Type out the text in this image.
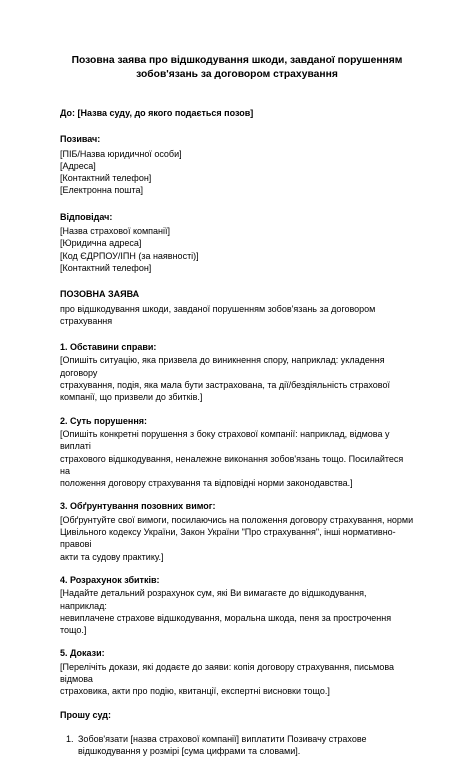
Позовна заява про відшкодування шкоди, завданої порушенням
зобов'язань за договором страхування
До: [Назва суду, до якого подається позов]
Позивач:
[ПІБ/Назва юридичної особи]
[Адреса]
[Контактний телефон]
[Електронна пошта]
Відповідач:
[Назва страхової компанії]
[Юридична адреса]
[Код ЄДРПОУ/ІПН (за наявності)]
[Контактний телефон]
ПОЗОВНА ЗАЯВА
про відшкодування шкоди, завданої порушенням зобов'язань за договором
страхування
1. Обставини справи:
[Опишіть ситуацію, яка призвела до виникнення спору, наприклад: укладення договору
страхування, подія, яка мала бути застрахована, та дії/бездіяльність страхової
компанії, що призвели до збитків.]
2. Суть порушення:
[Опишіть конкретні порушення з боку страхової компанії: наприклад, відмова у виплаті
страхового відшкодування, неналежне виконання зобов'язань тощо. Посилайтеся на
положення договору страхування та відповідні норми законодавства.]
3. Обґрунтування позовних вимог:
[Обґрунтуйте свої вимоги, посилаючись на положення договору страхування, норми
Цивільного кодексу України, Закон України "Про страхування", інші нормативно-правові
акти та судову практику.]
4. Розрахунок збитків:
[Надайте детальний розрахунок сум, які Ви вимагаєте до відшкодування, наприклад:
невиплачене страхове відшкодування, моральна шкода, пеня за прострочення тощо.]
5. Докази:
[Перелічіть докази, які додаєте до заяви: копія договору страхування, письмова відмова
страховика, акти про подію, квитанції, експертні висновки тощо.]
Прошу суд:
1. Зобов'язати [назва страхової компанії] виплатити Позивачу страхове
відшкодування у розмірі [сума цифрами та словами].
